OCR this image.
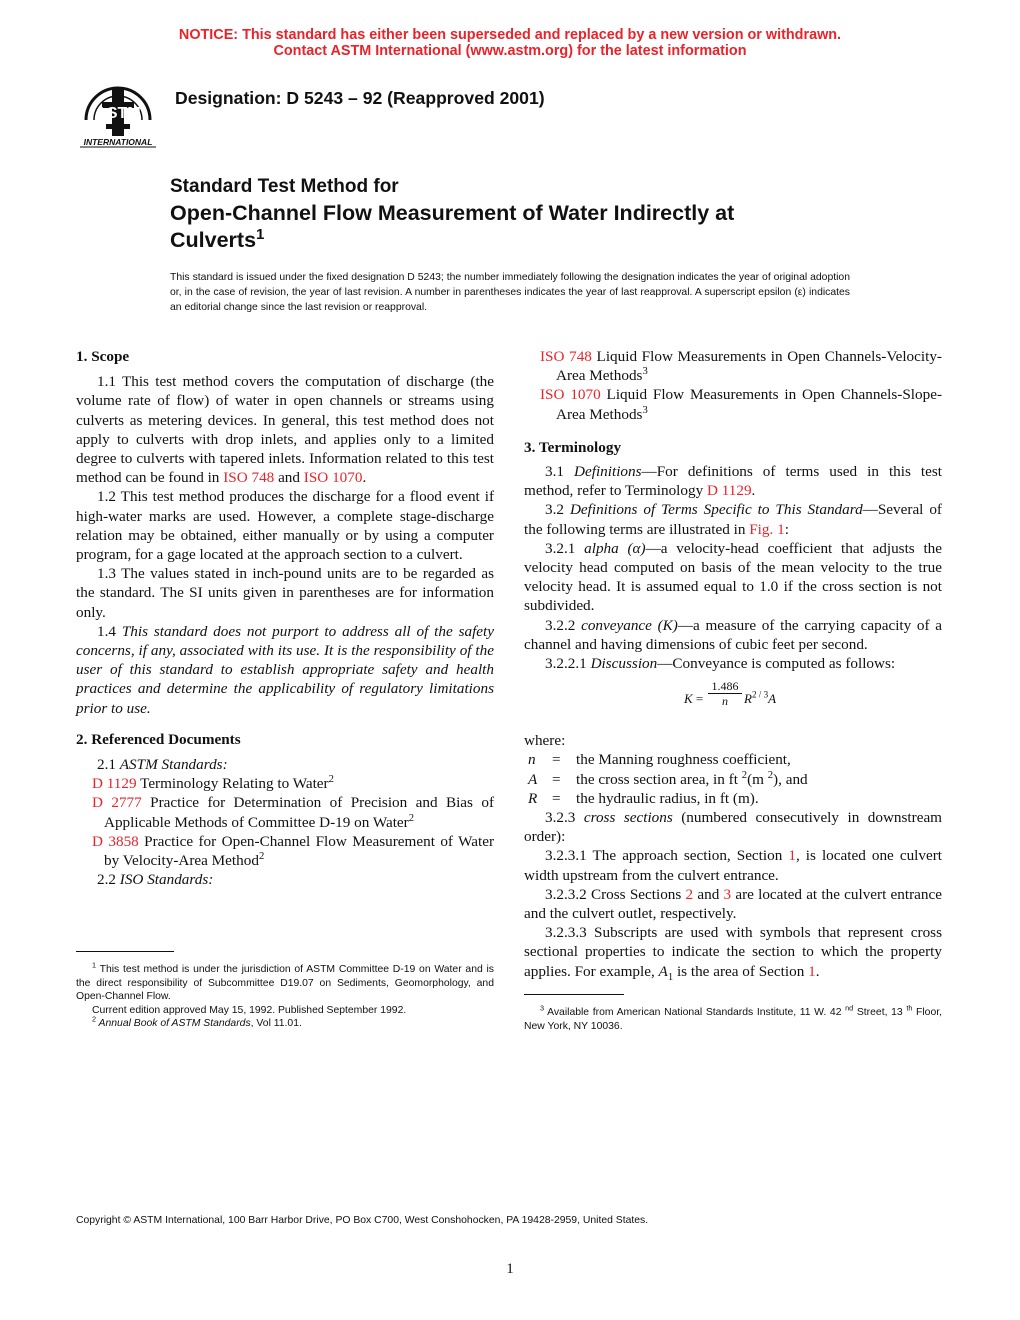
NOTICE: This standard has either been superseded and replaced by a new version or withdrawn.
Contact ASTM International (www.astm.org) for the latest information
ASTM
INTERNATIONAL
Designation: D 5243 – 92 (Reapproved 2001)
Standard Test Method for
Open-Channel Flow Measurement of Water Indirectly at
Culverts$^1$
This standard is issued under the fixed designation D 5243; the number immediately following the designation indicates the year of original adoption or, in the case of revision, the year of last revision. A number in parentheses indicates the year of last reapproval. A superscript epsilon (ε) indicates an editorial change since the last revision or reapproval.
1. Scope

1.1 This test method covers the computation of discharge (the volume rate of flow) of water in open channels or streams using culverts as metering devices. In general, this test method does not apply to culverts with drop inlets, and applies only to a limited degree to culverts with tapered inlets. Information related to this test method can be found in ISO 748 and ISO 1070.

1.2 This test method produces the discharge for a flood event if high-water marks are used. However, a complete stage-discharge relation may be obtained, either manually or by using a computer program, for a gage located at the approach section to a culvert.

1.3 The values stated in inch-pound units are to be regarded as the standard. The SI units given in parentheses are for information only.

1.4 This standard does not purport to address all of the safety concerns, if any, associated with its use. It is the responsibility of the user of this standard to establish appropriate safety and health practices and determine the applicability of regulatory limitations prior to use.

2. Referenced Documents

2.1 ASTM Standards:

D 1129 Terminology Relating to Water$^2$

D 2777 Practice for Determination of Precision and Bias of Applicable Methods of Committee D-19 on Water$^2$

D 3858 Practice for Open-Channel Flow Measurement of Water by Velocity-Area Method$^2$

2.2 ISO Standards:

$^1$ This test method is under the jurisdiction of ASTM Committee D-19 on Water and is the direct responsibility of Subcommittee D19.07 on Sediments, Geomorphology, and Open-Channel Flow.

Current edition approved May 15, 1992. Published September 1992.

$^2$ Annual Book of ASTM Standards, Vol 11.01.

ISO 748 Liquid Flow Measurements in Open Channels-Velocity-Area Methods$^3$

ISO 1070 Liquid Flow Measurements in Open Channels-Slope-Area Methods$^3$

3. Terminology

3.1 Definitions—For definitions of terms used in this test method, refer to Terminology D 1129.

3.2 Definitions of Terms Specific to This Standard—Several of the following terms are illustrated in Fig. 1:

3.2.1 alpha (α)—a velocity-head coefficient that adjusts the velocity head computed on basis of the mean velocity to the true velocity head. It is assumed equal to 1.0 if the cross section is not subdivided.

3.2.2 conveyance (K)—a measure of the carrying capacity of a channel and having dimensions of cubic feet per second.

3.2.2.1 Discussion—Conveyance is computed as follows:

K =
1.486
n	$R^{2 / 3}A$
where:
n	=	the Manning roughness coefficient,
A =	the cross section area, in ft $^2$(m $^2$), and
R =	the hydraulic radius, in ft (m).

3.2.3 cross sections (numbered consecutively in downstream order):

3.2.3.1 The approach section, Section 1, is located one culvert width upstream from the culvert entrance.

3.2.3.2 Cross Sections 2 and 3 are located at the culvert entrance and the culvert outlet, respectively.

3.2.3.3 Subscripts are used with symbols that represent cross sectional properties to indicate the section to which the property applies. For example, $A_1$ is the area of Section 1.

$^3$ Available from American National Standards Institute, 11 W. 42 $^{nd}$ Street, 13 $^{th}$ Floor, New York, NY 10036.

Copyright © ASTM International, 100 Barr Harbor Drive, PO Box C700, West Conshohocken, PA 19428-2959, United States.
1
